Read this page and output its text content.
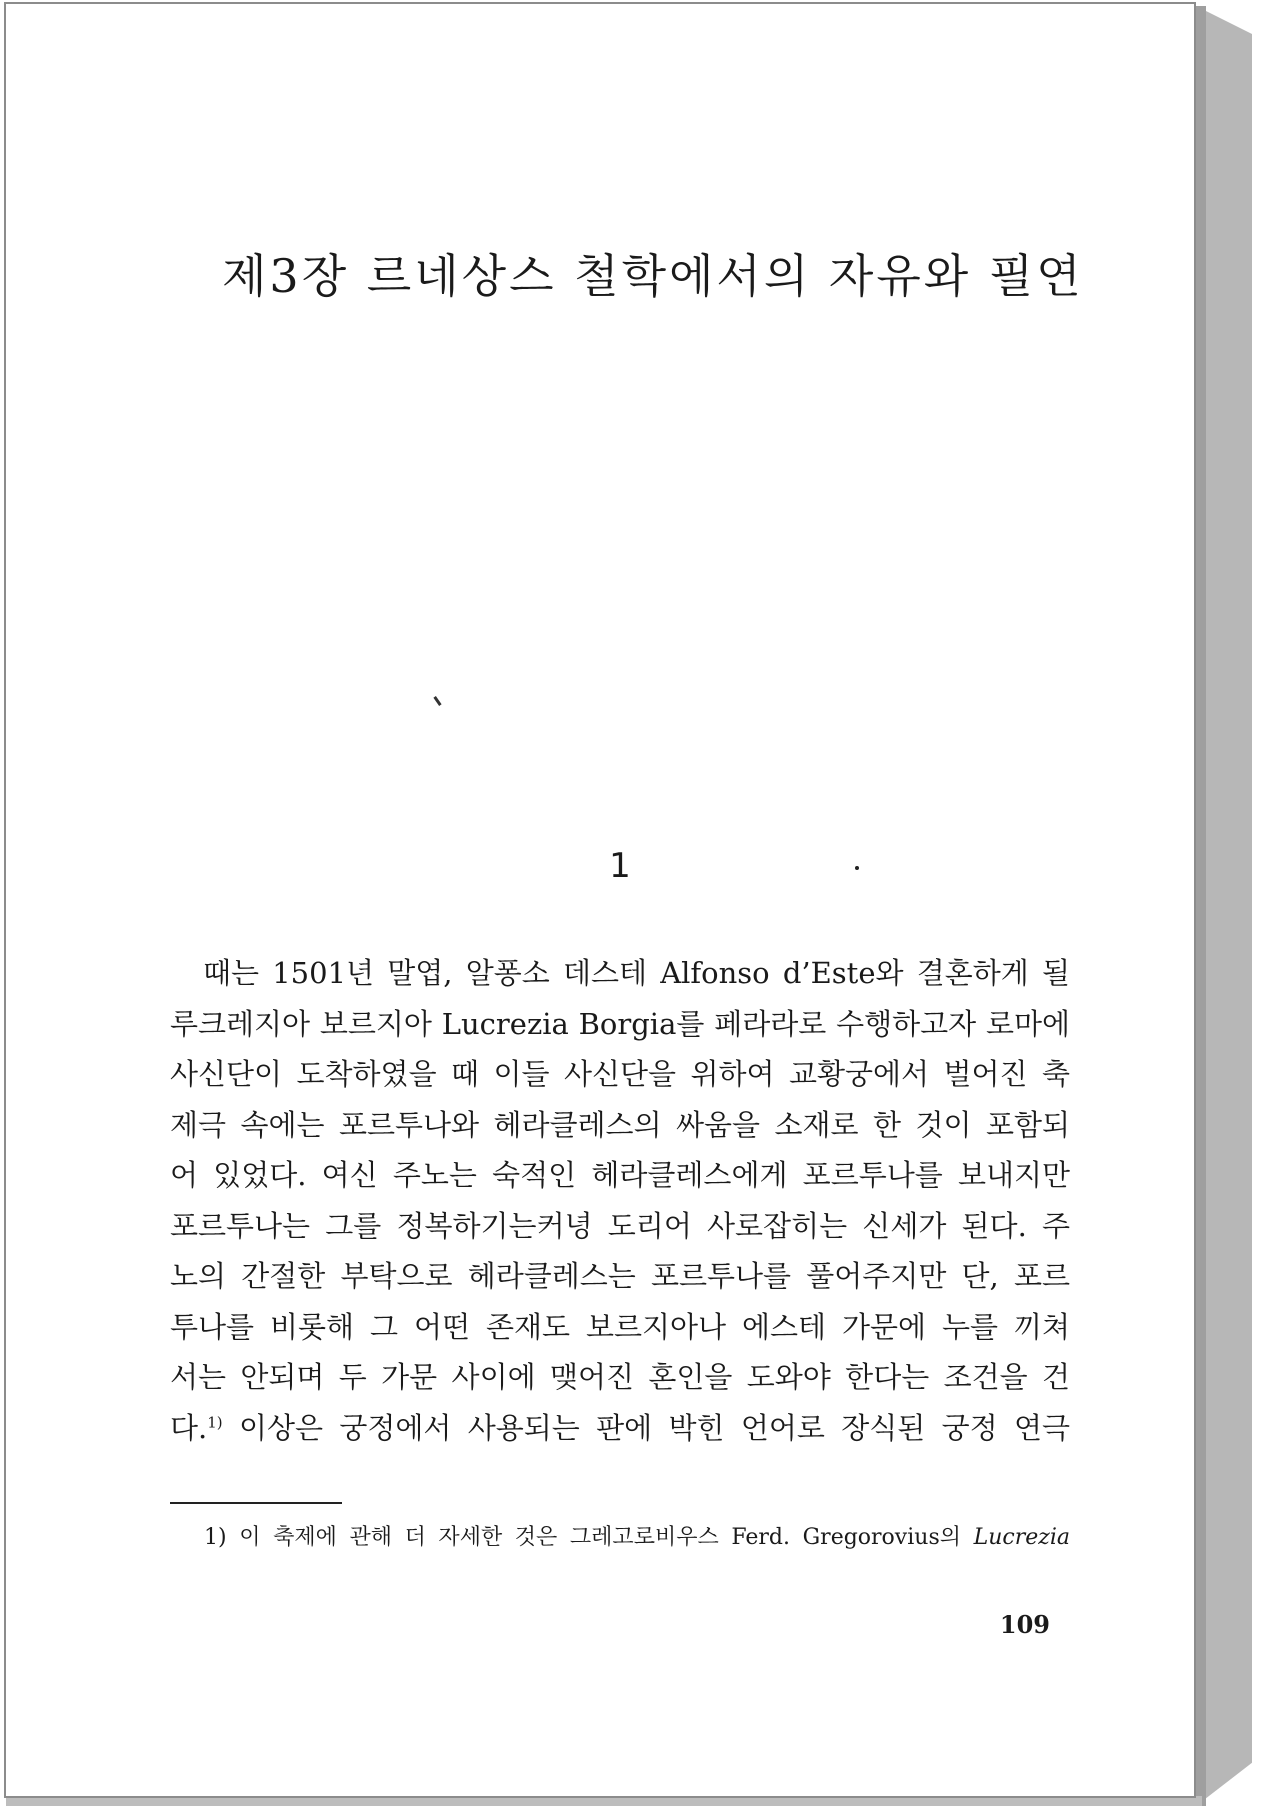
제3장 르네상스 철학에서의 자유와 필연
1
때는 1501년 말엽, 알퐁소 데스테 Alfonso d’Este와 결혼하게 될
루크레지아 보르지아 Lucrezia Borgia를 페라라로 수행하고자 로마에
사신단이 도착하였을 때 이들 사신단을 위하여 교황궁에서 벌어진 축
제극 속에는 포르투나와 헤라클레스의 싸움을 소재로 한 것이 포함되
어 있었다. 여신 주노는 숙적인 헤라클레스에게 포르투나를 보내지만
포르투나는 그를 정복하기는커녕 도리어 사로잡히는 신세가 된다. 주
노의 간절한 부탁으로 헤라클레스는 포르투나를 풀어주지만 단, 포르
투나를 비롯해 그 어떤 존재도 보르지아나 에스테 가문에 누를 끼쳐
서는 안되며 두 가문 사이에 맺어진 혼인을 도와야 한다는 조건을 건
다.$^{1)}$ 이상은 궁정에서 사용되는 판에 박힌 언어로 장식된 궁정 연극
1) 이 축제에 관해 더 자세한 것은 그레고로비우스 Ferd. Gregorovius의 Lucrezia
109
